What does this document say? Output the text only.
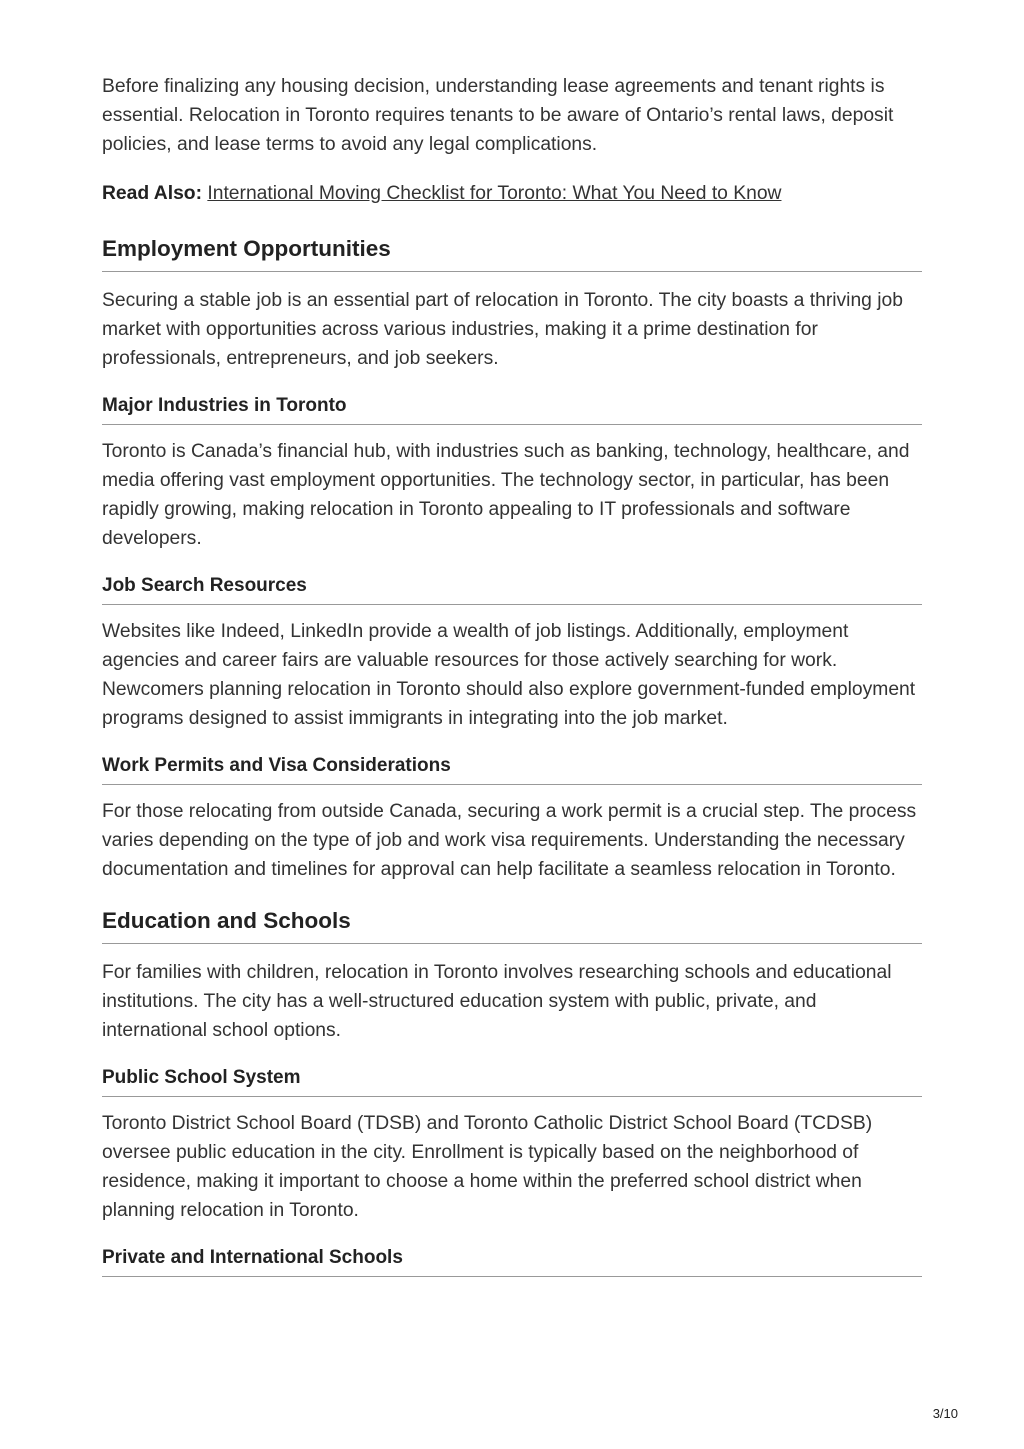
Before finalizing any housing decision, understanding lease agreements and tenant rights is essential. Relocation in Toronto requires tenants to be aware of Ontario’s rental laws, deposit policies, and lease terms to avoid any legal complications.

Read Also: International Moving Checklist for Toronto: What You Need to Know

Employment Opportunities

Securing a stable job is an essential part of relocation in Toronto. The city boasts a thriving job market with opportunities across various industries, making it a prime destination for professionals, entrepreneurs, and job seekers.

Major Industries in Toronto

Toronto is Canada’s financial hub, with industries such as banking, technology, healthcare, and media offering vast employment opportunities. The technology sector, in particular, has been rapidly growing, making relocation in Toronto appealing to IT professionals and software developers.

Job Search Resources

Websites like Indeed, LinkedIn provide a wealth of job listings. Additionally, employment agencies and career fairs are valuable resources for those actively searching for work. Newcomers planning relocation in Toronto should also explore government-funded employment programs designed to assist immigrants in integrating into the job market.

Work Permits and Visa Considerations

For those relocating from outside Canada, securing a work permit is a crucial step. The process varies depending on the type of job and work visa requirements. Understanding the necessary documentation and timelines for approval can help facilitate a seamless relocation in Toronto.

Education and Schools

For families with children, relocation in Toronto involves researching schools and educational institutions. The city has a well-structured education system with public, private, and international school options.

Public School System

Toronto District School Board (TDSB) and Toronto Catholic District School Board (TCDSB) oversee public education in the city. Enrollment is typically based on the neighborhood of residence, making it important to choose a home within the preferred school district when planning relocation in Toronto.

Private and International Schools
3/10
